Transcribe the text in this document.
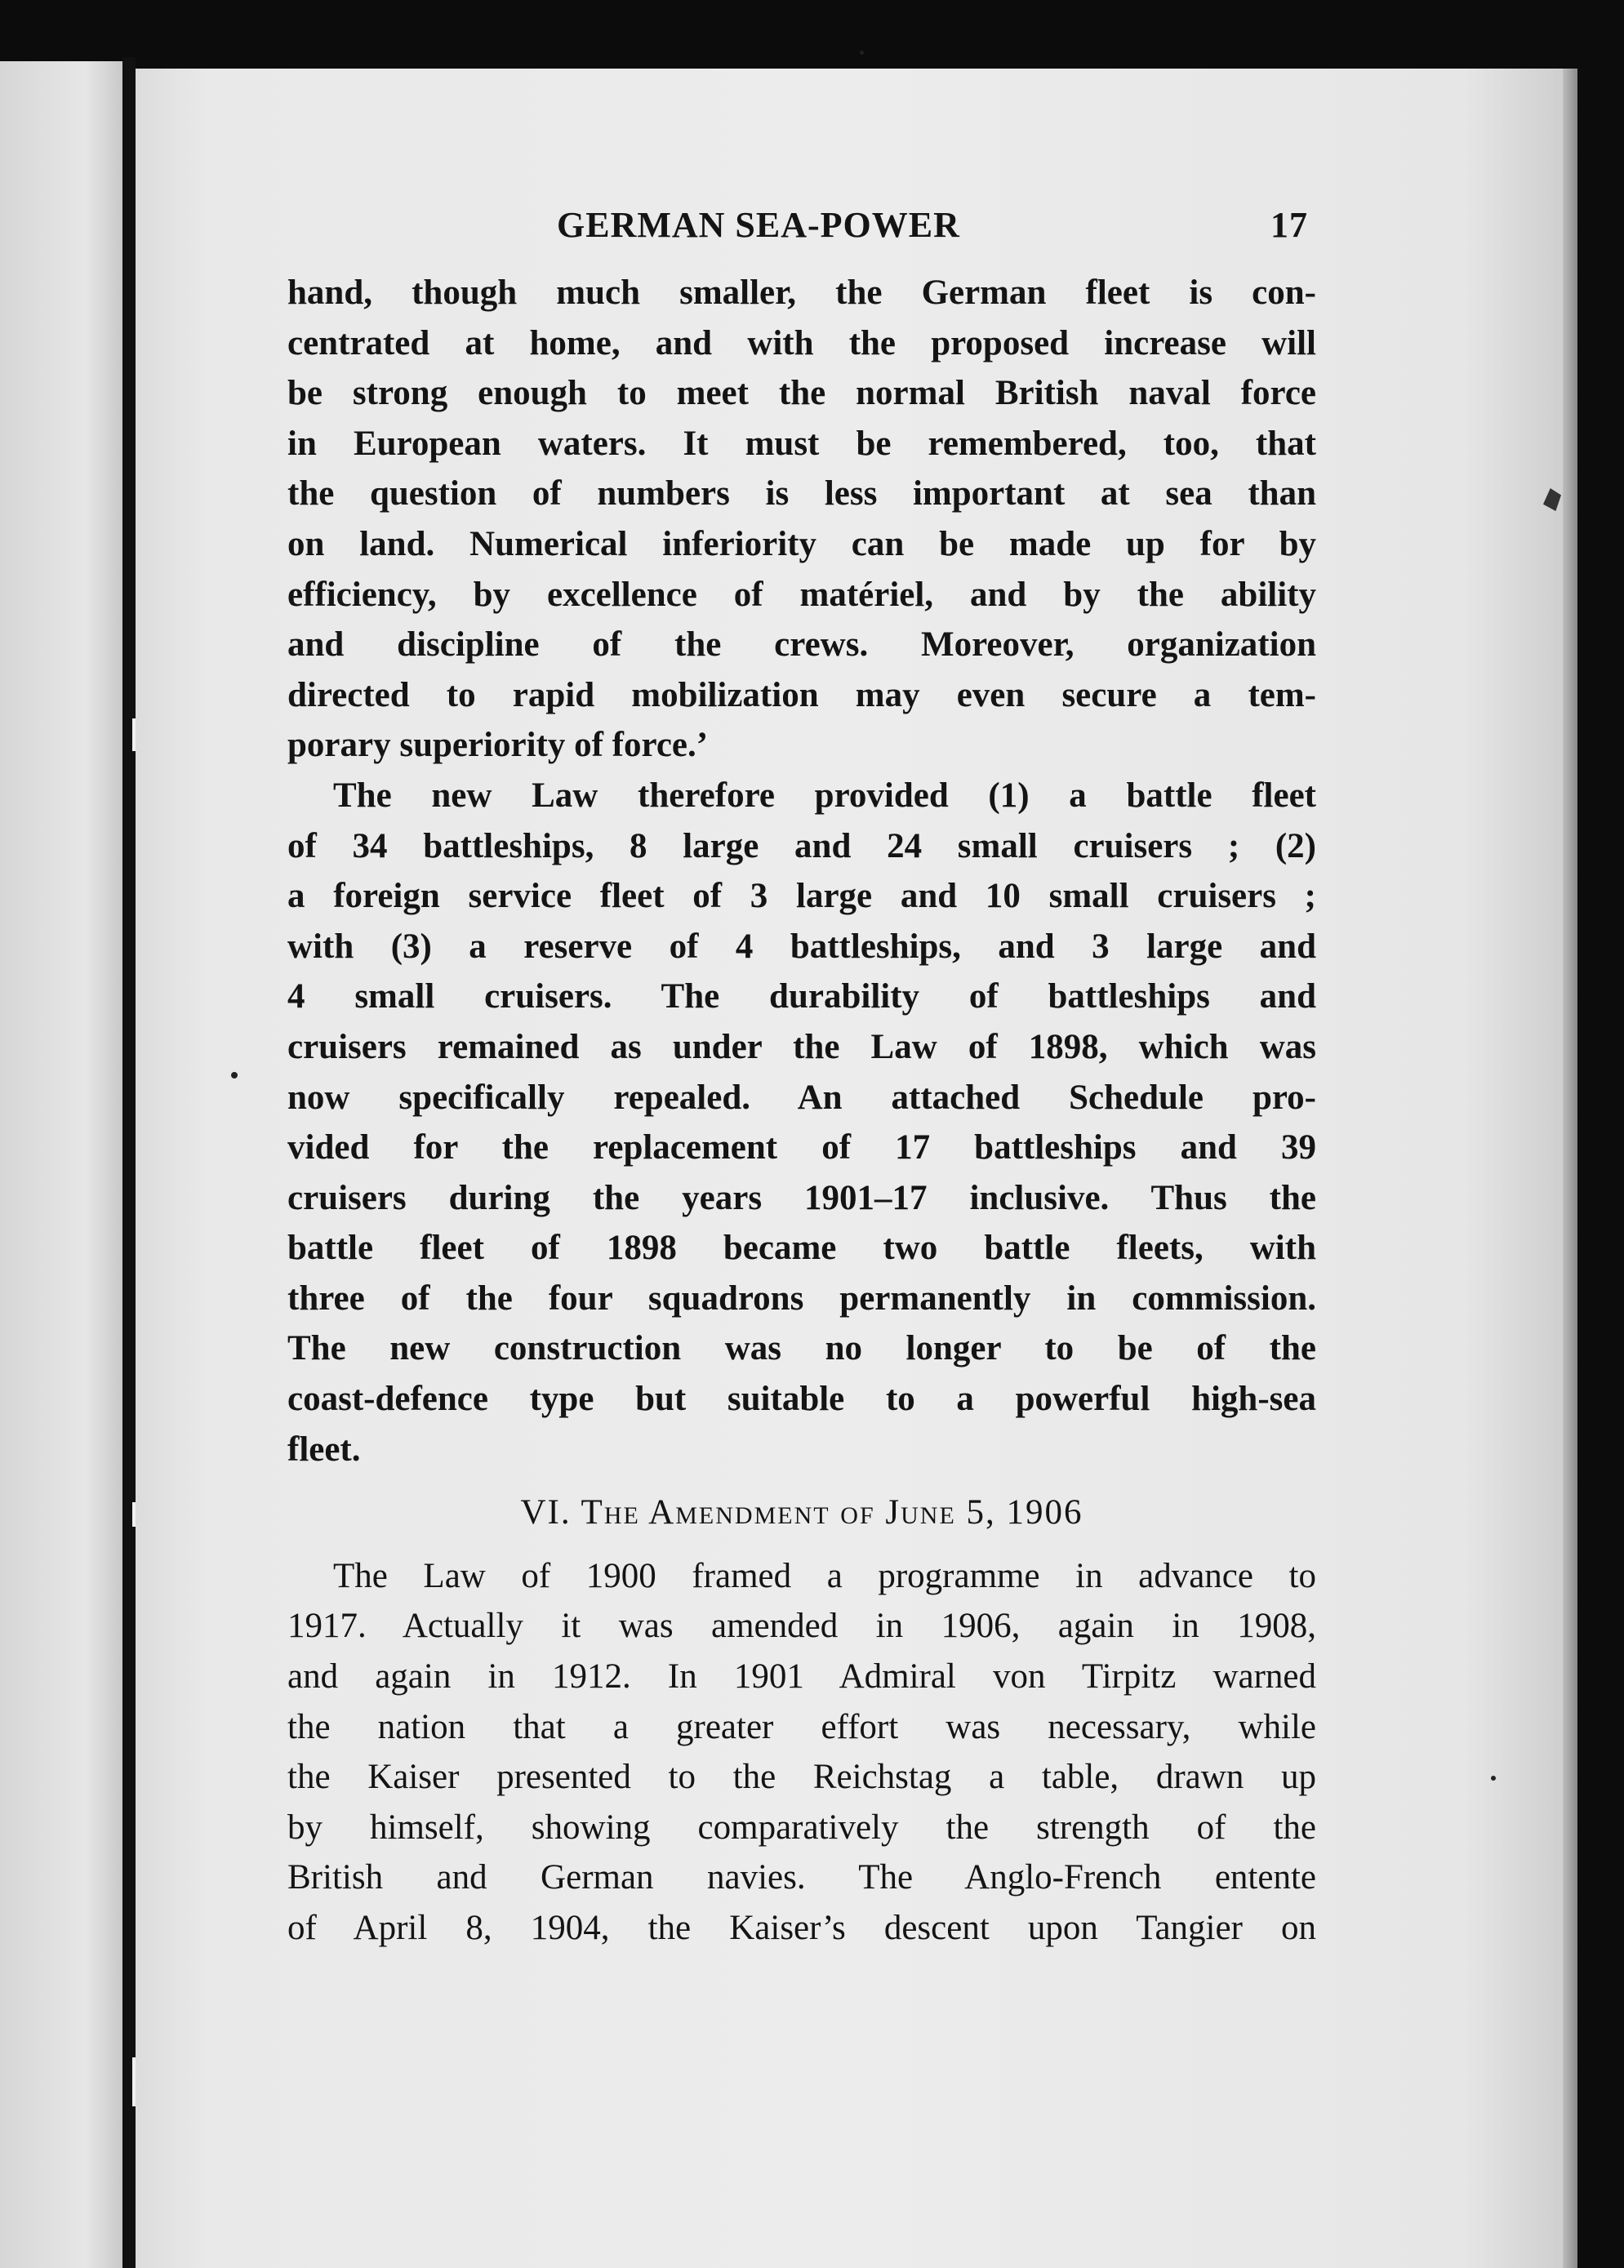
GERMAN SEA-POWER	17
hand, though much smaller, the German fleet is con-
centrated at home, and with the proposed increase will
be strong enough to meet the normal British naval force
in European waters. It must be remembered, too, that
the question of numbers is less important at sea than
on land. Numerical inferiority can be made up for by
efficiency, by excellence of matériel, and by the ability
and discipline of the crews. Moreover, organization
directed to rapid mobilization may even secure a tem-
porary superiority of force.’
The new Law therefore provided (1) a battle fleet
of 34 battleships, 8 large and 24 small cruisers ; (2)
a foreign service fleet of 3 large and 10 small cruisers ;
with (3) a reserve of 4 battleships, and 3 large and
4 small cruisers. The durability of battleships and
cruisers remained as under the Law of 1898, which was
now specifically repealed. An attached Schedule pro-
vided for the replacement of 17 battleships and 39
cruisers during the years 1901–17 inclusive. Thus the
battle fleet of 1898 became two battle fleets, with
three of the four squadrons permanently in commission.
The new construction was no longer to be of the
coast-defence type but suitable to a powerful high-sea
fleet.
VI. The Amendment of June 5, 1906
The Law of 1900 framed a programme in advance to
1917. Actually it was amended in 1906, again in 1908,
and again in 1912. In 1901 Admiral von Tirpitz warned
the nation that a greater effort was necessary, while
the Kaiser presented to the Reichstag a table, drawn up
by himself, showing comparatively the strength of the
British and German navies. The Anglo-French entente
of April 8, 1904, the Kaiser’s descent upon Tangier on
